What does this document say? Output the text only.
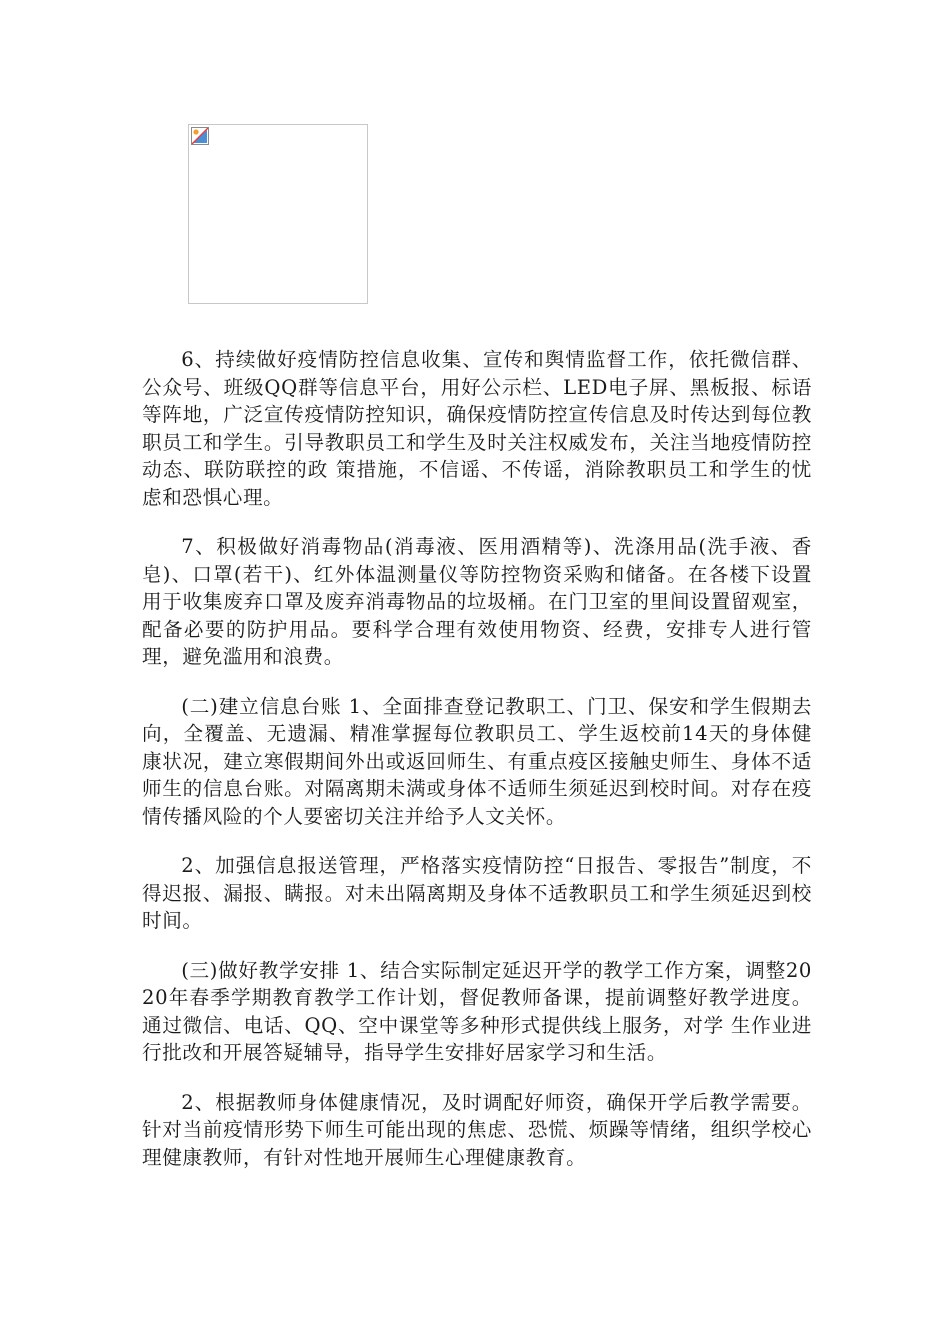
6、持续做好疫情防控信息收集、宣传和舆情监督工作，依托微信群、公众号、班级QQ群等信息平台，用好公示栏、LED电子屏、黑板报、标语等阵地，广泛宣传疫情防控知识，确保疫情防控宣传信息及时传达到每位教职员工和学生。引导教职员工和学生及时关注权威发布，关注当地疫情防控动态、联防联控的政 策措施，不信谣、不传谣，消除教职员工和学生的忧虑和恐惧心理。

7、积极做好消毒物品(消毒液、医用酒精等)、洗涤用品(洗手液、香皂)、口罩(若干)、红外体温测量仪等防控物资采购和储备。在各楼下设置用于收集废弃口罩及废弃消毒物品的垃圾桶。在门卫室的里间设置留观室，配备必要的防护用品。要科学合理有效使用物资、经费，安排专人进行管理，避免滥用和浪费。

(二)建立信息台账 1、全面排查登记教职工、门卫、保安和学生假期去向，全覆盖、无遗漏、精准掌握每位教职员工、学生返校前14天的身体健康状况，建立寒假期间外出或返回师生、有重点疫区接触史师生、身体不适师生的信息台账。对隔离期未满或身体不适师生须延迟到校时间。对存在疫情传播风险的个人要密切关注并给予人文关怀。

2、加强信息报送管理，严格落实疫情防控“日报告、零报告”制度，不得迟报、漏报、瞒报。对未出隔离期及身体不适教职员工和学生须延迟到校时间。

(三)做好教学安排 1、结合实际制定延迟开学的教学工作方案，调整2020年春季学期教育教学工作计划，督促教师备课，提前调整好教学进度。通过微信、电话、QQ、空中课堂等多种形式提供线上服务，对学 生作业进行批改和开展答疑辅导，指导学生安排好居家学习和生活。

2、根据教师身体健康情况，及时调配好师资，确保开学后教学需要。针对当前疫情形势下师生可能出现的焦虑、恐慌、烦躁等情绪，组织学校心理健康教师，有针对性地开展师生心理健康教育。
